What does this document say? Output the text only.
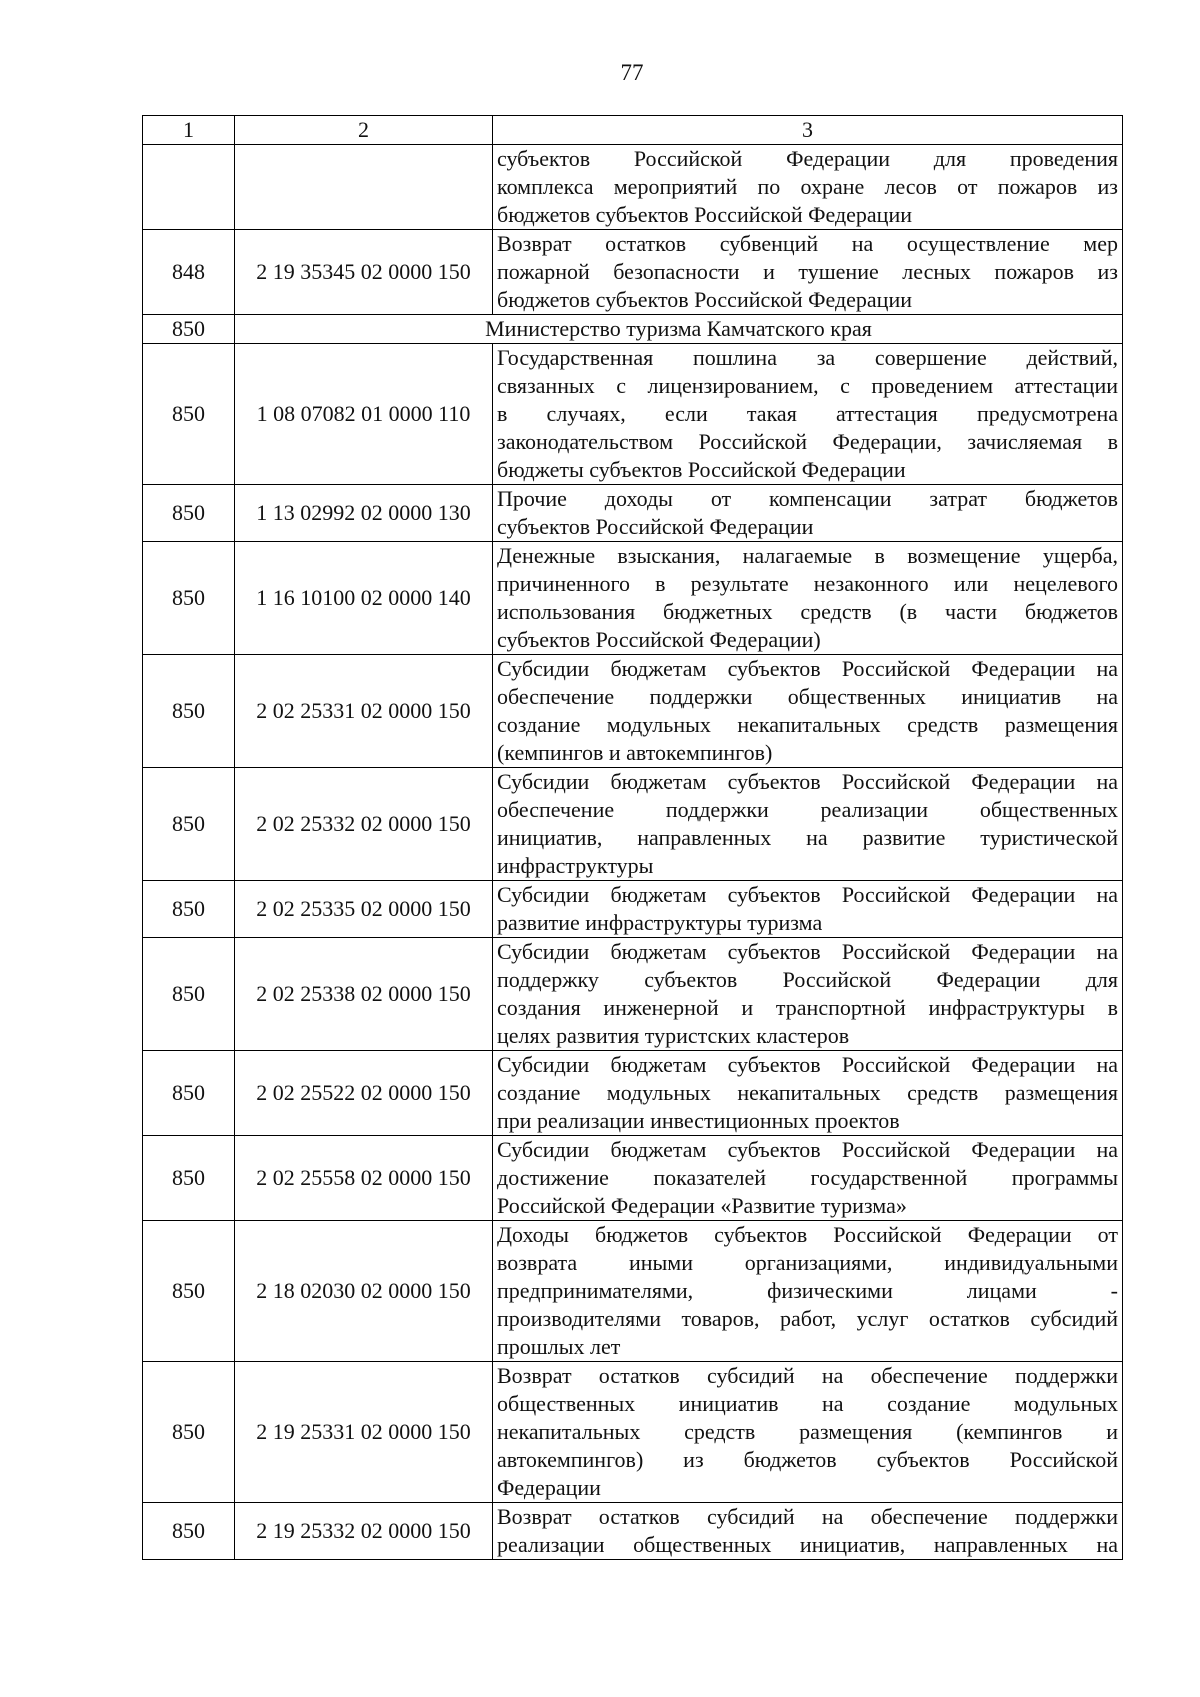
77
1	2	3

		субъектов Российской Федерации для проведения
комплекса мероприятий по охране лесов от пожаров из
бюджетов субъектов Российской Федерации

848	2 19 35345 02 0000 150	Возврат остатков субвенций на осуществление мер
пожарной безопасности и тушение лесных пожаров из
бюджетов субъектов Российской Федерации

850	Министерство туризма Камчатского края	
850	1 08 07082 01 0000 110	Государственная пошлина за совершение действий,
связанных с лицензированием, с проведением аттестации
в случаях, если такая аттестация предусмотрена
законодательством Российской Федерации, зачисляемая в
бюджеты субъектов Российской Федерации

850	1 13 02992 02 0000 130	Прочие доходы от компенсации затрат бюджетов
субъектов Российской Федерации

850	1 16 10100 02 0000 140	Денежные взыскания, налагаемые в возмещение ущерба,
причиненного в результате незаконного или нецелевого
использования бюджетных средств (в части бюджетов
субъектов Российской Федерации)

850	2 02 25331 02 0000 150	Субсидии бюджетам субъектов Российской Федерации на
обеспечение поддержки общественных инициатив на
создание модульных некапитальных средств размещения
(кемпингов и автокемпингов)

850	2 02 25332 02 0000 150	Субсидии бюджетам субъектов Российской Федерации на
обеспечение поддержки реализации общественных
инициатив, направленных на развитие туристической
инфраструктуры

850	2 02 25335 02 0000 150	Субсидии бюджетам субъектов Российской Федерации на
развитие инфраструктуры туризма

850	2 02 25338 02 0000 150	Субсидии бюджетам субъектов Российской Федерации на
поддержку субъектов Российской Федерации для
создания инженерной и транспортной инфраструктуры в
целях развития туристских кластеров

850	2 02 25522 02 0000 150	Субсидии бюджетам субъектов Российской Федерации на
создание модульных некапитальных средств размещения
при реализации инвестиционных проектов

850	2 02 25558 02 0000 150	Субсидии бюджетам субъектов Российской Федерации на
достижение показателей государственной программы
Российской Федерации «Развитие туризма»

850	2 18 02030 02 0000 150	Доходы бюджетов субъектов Российской Федерации от
возврата иными организациями, индивидуальными
предпринимателями, физическими лицами -
производителями товаров, работ, услуг остатков субсидий
прошлых лет

850	2 19 25331 02 0000 150	Возврат остатков субсидий на обеспечение поддержки
общественных инициатив на создание модульных
некапитальных средств размещения (кемпингов и
автокемпингов) из бюджетов субъектов Российской
Федерации

850	2 19 25332 02 0000 150	Возврат остатков субсидий на обеспечение поддержки
реализации общественных инициатив, направленных на
